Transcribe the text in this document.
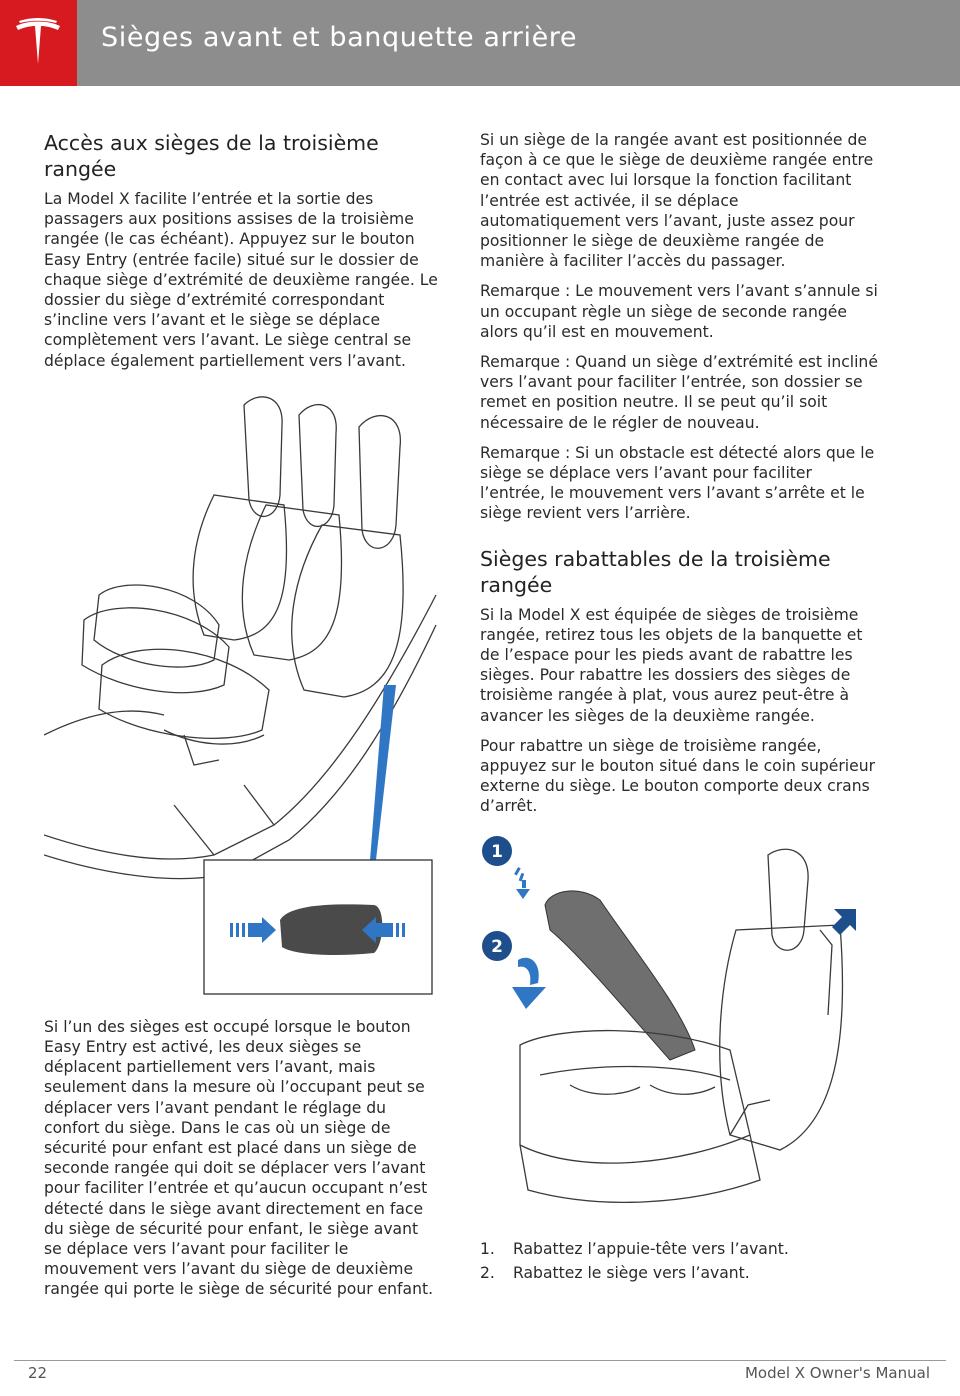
Sièges avant et banquette arrière
Accès aux sièges de la troisième rangée

La Model X facilite l’entrée et la sortie des passagers aux positions assises de la troisième rangée (le cas échéant). Appuyez sur le bouton Easy Entry (entrée facile) situé sur le dossier de chaque siège d’extrémité de deuxième rangée. Le dossier du siège d’extrémité correspondant s’incline vers l’avant et le siège se déplace complètement vers l’avant. Le siège central se déplace également partiellement vers l’avant.

Si l’un des sièges est occupé lorsque le bouton Easy Entry est activé, les deux sièges se déplacent partiellement vers l’avant, mais seulement dans la mesure où l’occupant peut se déplacer vers l’avant pendant le réglage du confort du siège. Dans le cas où un siège de sécurité pour enfant est placé dans un siège de seconde rangée qui doit se déplacer vers l’avant pour faciliter l’entrée et qu’aucun occupant n’est détecté dans le siège avant directement en face du siège de sécurité pour enfant, le siège avant se déplace vers l’avant pour faciliter le mouvement vers l’avant du siège de deuxième rangée qui porte le siège de sécurité pour enfant.

Si un siège de la rangée avant est positionnée de façon à ce que le siège de deuxième rangée entre en contact avec lui lorsque la fonction facilitant l’entrée est activée, il se déplace automatiquement vers l’avant, juste assez pour positionner le siège de deuxième rangée de manière à faciliter l’accès du passager.

Remarque : Le mouvement vers l’avant s’annule si un occupant règle un siège de seconde rangée alors qu’il est en mouvement.

Remarque : Quand un siège d’extrémité est incliné vers l’avant pour faciliter l’entrée, son dossier se remet en position neutre. Il se peut qu’il soit nécessaire de le régler de nouveau.

Remarque : Si un obstacle est détecté alors que le siège se déplace vers l’avant pour faciliter l’entrée, le mouvement vers l’avant s’arrête et le siège revient vers l’arrière.

Sièges rabattables de la troisième rangée

Si la Model X est équipée de sièges de troisième rangée, retirez tous les objets de la banquette et de l’espace pour les pieds avant de rabattre les sièges. Pour rabattre les dossiers des sièges de troisième rangée à plat, vous aurez peut-être à avancer les sièges de la deuxième rangée.

Pour rabattre un siège de troisième rangée, appuyez sur le bouton situé dans le coin supérieur externe du siège. Le bouton comporte deux crans d’arrêt.

1
2
1. Rabattez l’appuie-tête vers l’avant.
2. Rabattez le siège vers l’avant.
22	Model X Owner's Manual
